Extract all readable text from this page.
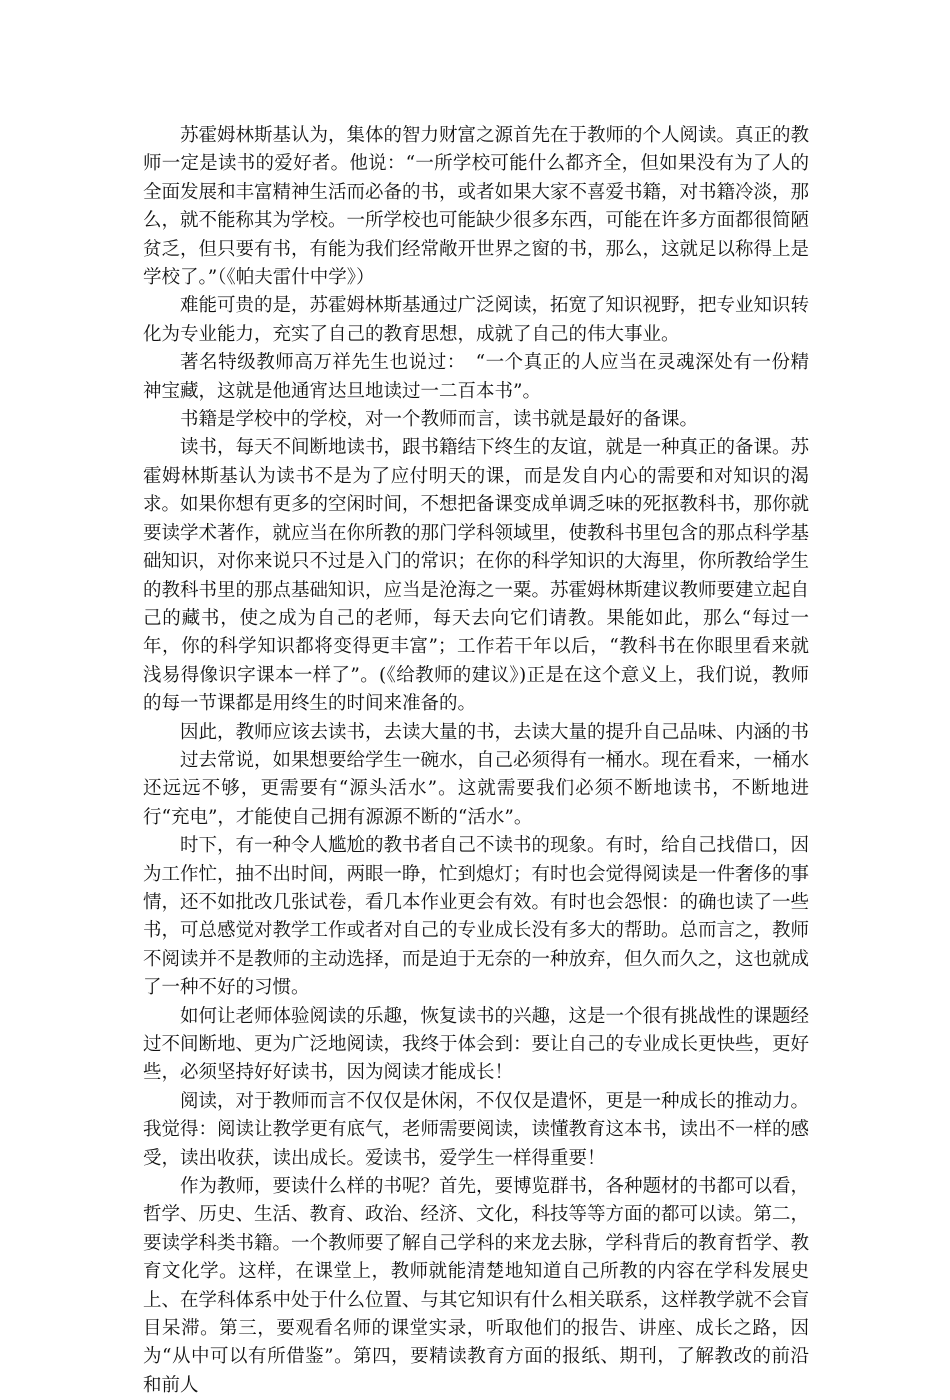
苏霍姆林斯基认为，集体的智力财富之源首先在于教师的个人阅读。真正的教师一定是读书的爱好者。他说：“一所学校可能什么都齐全，但如果没有为了人的全面发展和丰富精神生活而必备的书，或者如果大家不喜爱书籍，对书籍冷淡，那么，就不能称其为学校。一所学校也可能缺少很多东西，可能在许多方面都很简陋贫乏，但只要有书，有能为我们经常敞开世界之窗的书，那么，这就足以称得上是学校了。”（《帕夫雷什中学》）

难能可贵的是，苏霍姆林斯基通过广泛阅读，拓宽了知识视野，把专业知识转化为专业能力，充实了自己的教育思想，成就了自己的伟大事业。

著名特级教师高万祥先生也说过：　“一个真正的人应当在灵魂深处有一份精神宝藏，这就是他通宵达旦地读过一二百本书”。

书籍是学校中的学校，对一个教师而言，读书就是最好的备课。

读书，每天不间断地读书，跟书籍结下终生的友谊，就是一种真正的备课。苏霍姆林斯基认为读书不是为了应付明天的课，而是发自内心的需要和对知识的渴求。如果你想有更多的空闲时间，不想把备课变成单调乏味的死抠教科书，那你就要读学术著作，就应当在你所教的那门学科领域里，使教科书里包含的那点科学基础知识，对你来说只不过是入门的常识；在你的科学知识的大海里，你所教给学生的教科书里的那点基础知识，应当是沧海之一粟。苏霍姆林斯建议教师要建立起自己的藏书，使之成为自己的老师，每天去向它们请教。果能如此，那么“每过一年，你的科学知识都将变得更丰富”；工作若干年以后，“教科书在你眼里看来就浅易得像识字课本一样了”。(《给教师的建议》)正是在这个意义上，我们说，教师的每一节课都是用终生的时间来准备的。

因此，教师应该去读书，去读大量的书，去读大量的提升自己品味、内涵的书

过去常说，如果想要给学生一碗水，自己必须得有一桶水。现在看来，一桶水还远远不够，更需要有“源头活水”。这就需要我们必须不断地读书，不断地进行“充电”，才能使自己拥有源源不断的“活水”。

时下，有一种令人尴尬的教书者自己不读书的现象。有时，给自己找借口，因为工作忙，抽不出时间，两眼一睁，忙到熄灯；有时也会觉得阅读是一件奢侈的事情，还不如批改几张试卷，看几本作业更会有效。有时也会怨恨：的确也读了一些书，可总感觉对教学工作或者对自己的专业成长没有多大的帮助。总而言之，教师不阅读并不是教师的主动选择，而是迫于无奈的一种放弃，但久而久之，这也就成了一种不好的习惯。

如何让老师体验阅读的乐趣，恢复读书的兴趣，这是一个很有挑战性的课题经过不间断地、更为广泛地阅读，我终于体会到：要让自己的专业成长更快些，更好些，必须坚持好好读书，因为阅读才能成长！

阅读，对于教师而言不仅仅是休闲，不仅仅是遣怀，更是一种成长的推动力。我觉得：阅读让教学更有底气，老师需要阅读，读懂教育这本书，读出不一样的感受，读出收获，读出成长。爱读书，爱学生一样得重要！

作为教师，要读什么样的书呢？首先，要博览群书，各种题材的书都可以看，哲学、历史、生活、教育、政治、经济、文化，科技等等方面的都可以读。第二，要读学科类书籍。一个教师要了解自己学科的来龙去脉，学科背后的教育哲学、教育文化学。这样，在课堂上，教师就能清楚地知道自己所教的内容在学科发展史上、在学科体系中处于什么位置、与其它知识有什么相关联系，这样教学就不会盲目呆滞。第三，要观看名师的课堂实录，听取他们的报告、讲座、成长之路，因为“从中可以有所借鉴”。第四，要精读教育方面的报纸、期刊，了解教改的前沿和前人
